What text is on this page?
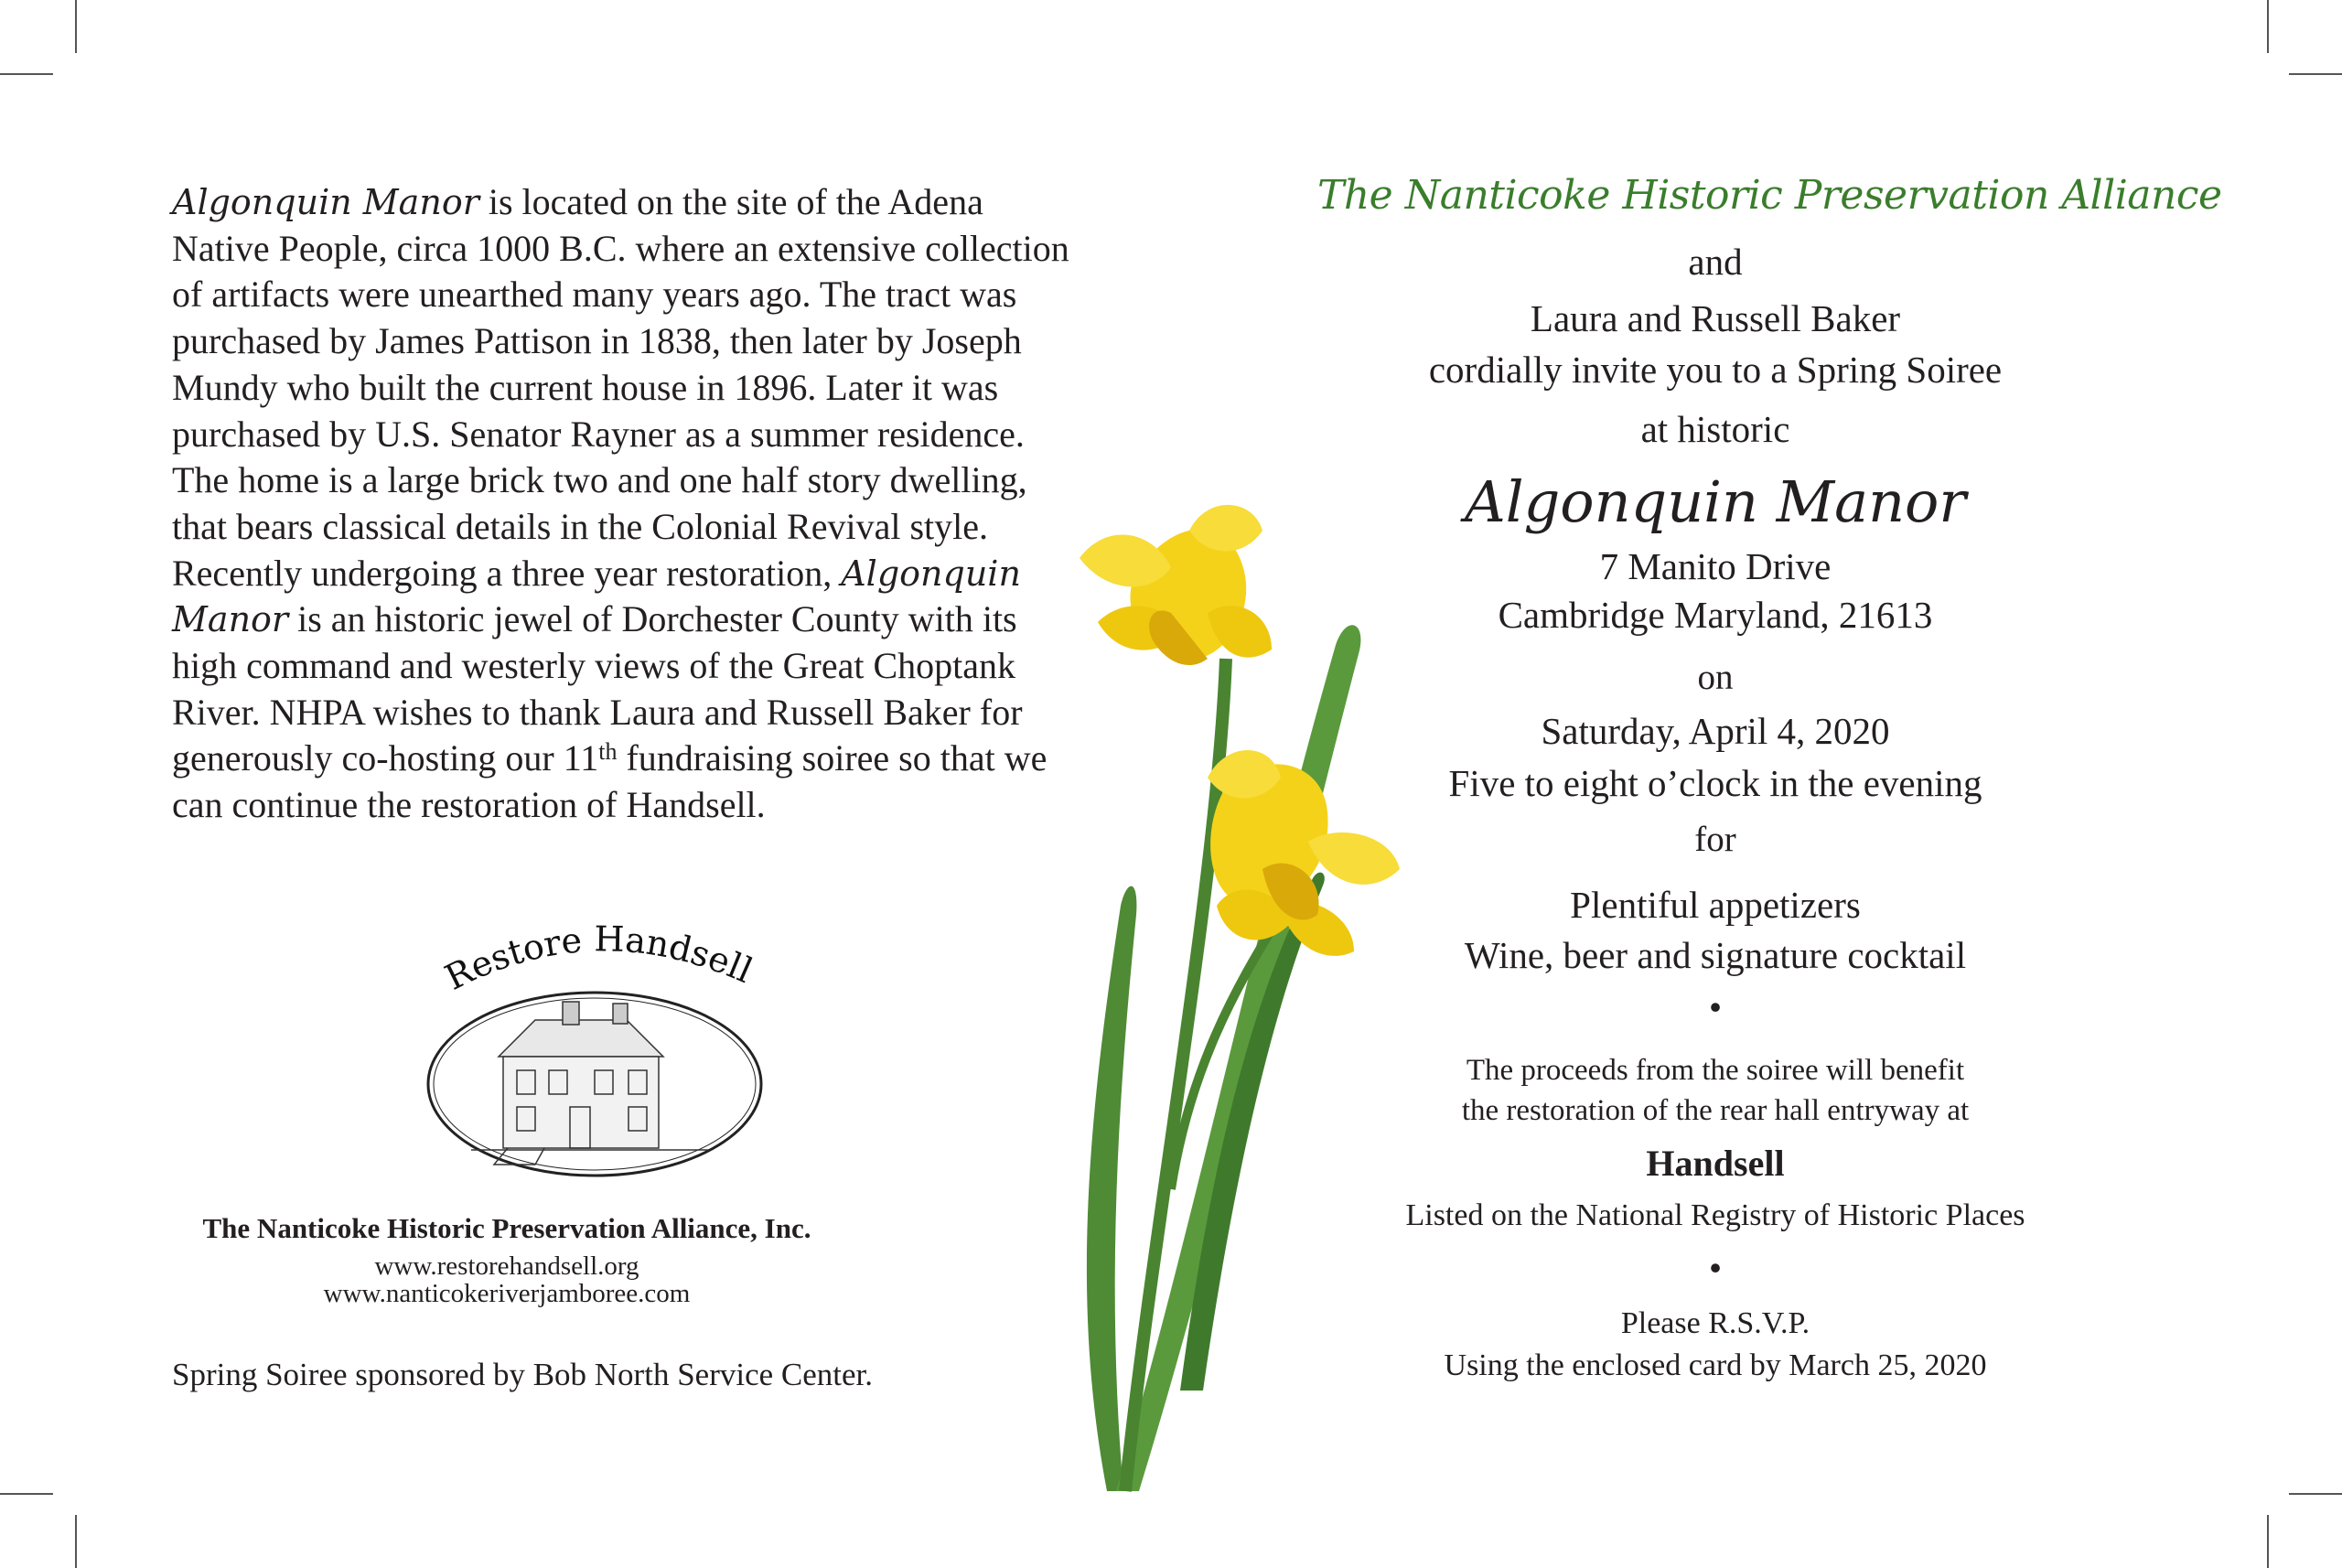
Algonquin Manor is located on the site of the Adena Native People, circa 1000 B.C. where an extensive collection of artifacts were unearthed many years ago. The tract was purchased by James Pattison in 1838, then later by Joseph Mundy who built the current house in 1896. Later it was purchased by U.S. Senator Rayner as a summer residence. The home is a large brick two and one half story dwelling, that bears classical details in the Colonial Revival style. Recently undergoing a three year restoration, Algonquin Manor is an historic jewel of Dorchester County with its high command and westerly views of the Great Choptank River. NHPA wishes to thank Laura and Russell Baker for generously co-hosting our 11th fundraising soiree so that we can continue the restoration of Handsell.

Restore Handsell

The Nanticoke Historic Preservation Alliance, Inc.

www.restorehandsell.org

www.nanticokeriverjamboree.com

Spring Soiree sponsored by Bob North Service Center.

The Nanticoke Historic Preservation Alliance

and

Laura and Russell Baker

cordially invite you to a Spring Soiree

at historic

Algonquin Manor

7 Manito Drive

Cambridge Maryland, 21613

on

Saturday, April 4, 2020

Five to eight o’clock in the evening

for

Plentiful appetizers

Wine, beer and signature cocktail

•

The proceeds from the soiree will benefit

the restoration of the rear hall entryway at

Handsell

Listed on the National Registry of Historic Places

•

Please R.S.V.P.

Using the enclosed card by March 25, 2020
